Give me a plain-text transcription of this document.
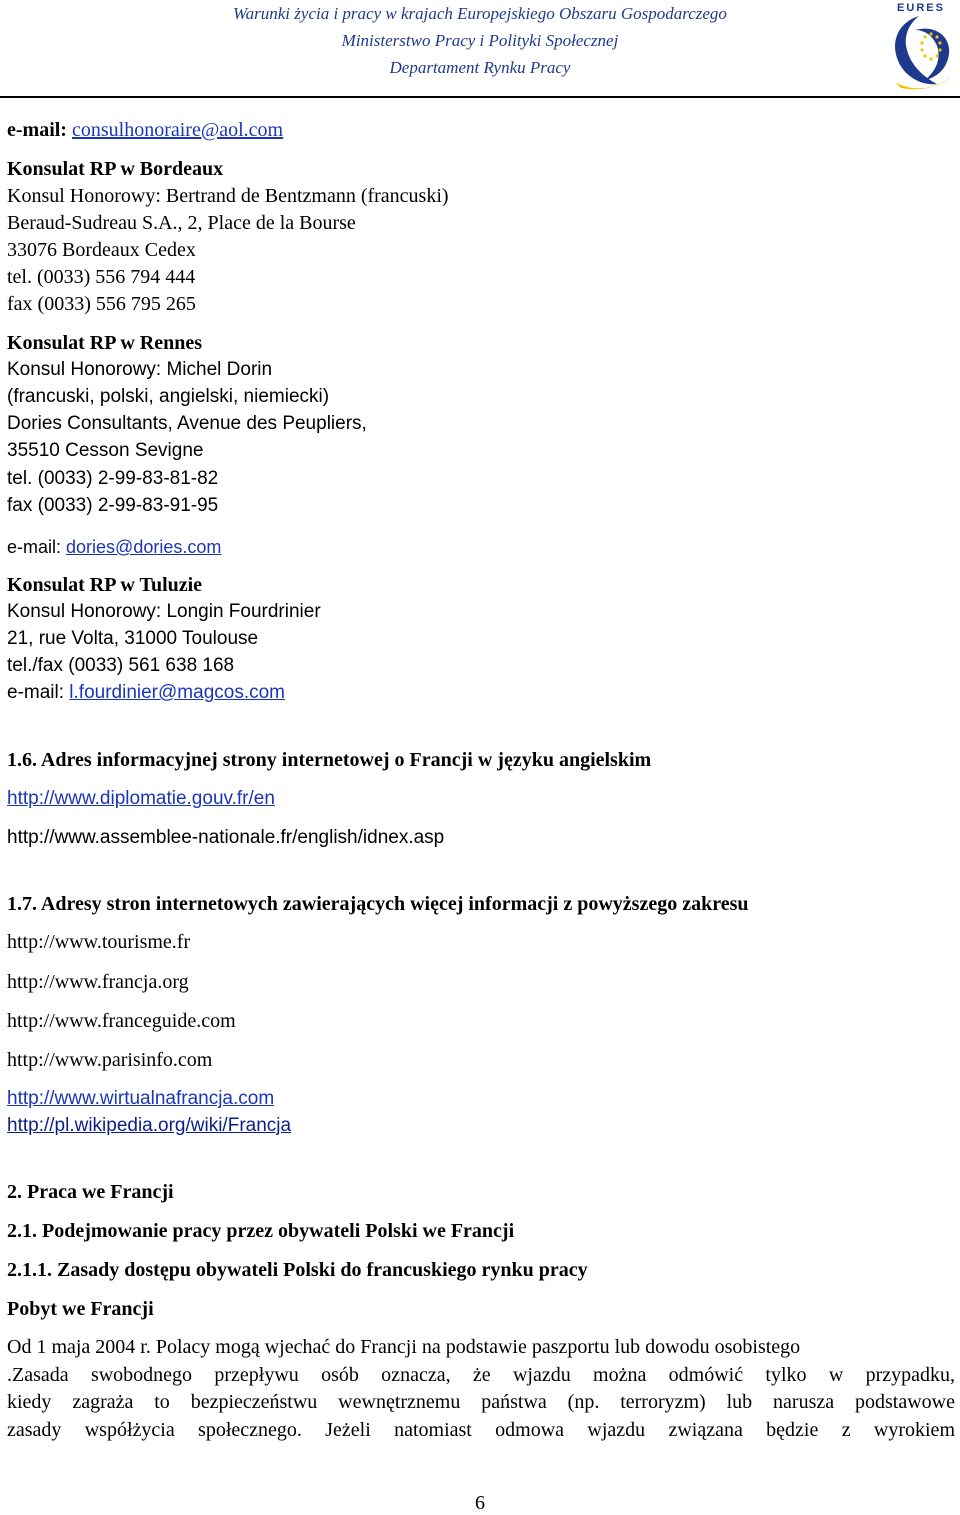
Warunki życia i pracy w krajach Europejskiego Obszaru Gospodarczego
Ministerstwo Pracy i Polityki Społecznej
Departament Rynku Pracy
EURES
e-mail: consulhonoraire@aol.com
Konsulat RP w Bordeaux
Konsul Honorowy: Bertrand de Bentzmann (francuski)
Beraud-Sudreau S.A., 2, Place de la Bourse
33076 Bordeaux Cedex
tel. (0033) 556 794 444
fax (0033) 556 795 265
Konsulat RP w Rennes
Konsul Honorowy: Michel Dorin
(francuski, polski, angielski, niemiecki)
Dories Consultants, Avenue des Peupliers,
35510 Cesson Sevigne
tel. (0033) 2-99-83-81-82
fax (0033) 2-99-83-91-95
e-mail: dories@dories.com
Konsulat RP w Tuluzie
Konsul Honorowy: Longin Fourdrinier
21, rue Volta, 31000 Toulouse
tel./fax (0033) 561 638 168
e-mail: l.fourdinier@magcos.com
1.6. Adres informacyjnej strony internetowej o Francji w języku angielskim
http://www.diplomatie.gouv.fr/en
http://www.assemblee-nationale.fr/english/idnex.asp
1.7. Adresy stron internetowych zawierających więcej informacji z powyższego zakresu
http://www.tourisme.fr
http://www.francja.org
http://www.franceguide.com
http://www.parisinfo.com
http://www.wirtualnafrancja.com
http://pl.wikipedia.org/wiki/Francja
2. Praca we Francji
2.1. Podejmowanie pracy przez obywateli Polski we Francji
2.1.1. Zasady dostępu obywateli Polski do francuskiego rynku pracy
Pobyt we Francji
Od 1 maja 2004 r. Polacy mogą wjechać do Francji na podstawie paszportu lub dowodu osobistego
.Zasada swobodnego przepływu osób oznacza, że wjazdu można odmówić tylko w przypadku,
kiedy zagraża to bezpieczeństwu wewnętrznemu państwa (np. terroryzm) lub narusza podstawowe
zasady współżycia społecznego. Jeżeli natomiast odmowa wjazdu związana będzie z wyrokiem
6
